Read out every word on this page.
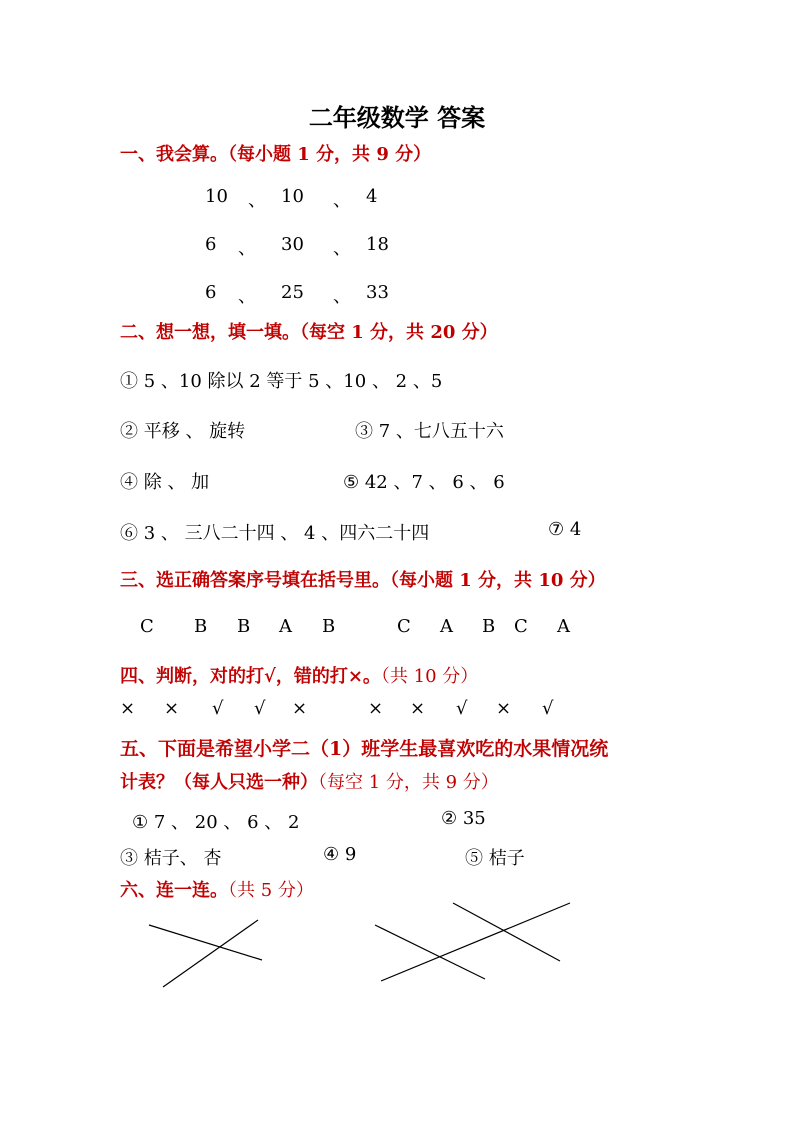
二年级数学 答案
一、我会算。（每小题 1 分，共 9 分）
10 、 10 、 4
6 、 30 、 18
6 、 25 、 33
二、想一想，填一填。（每空 1 分，共 20 分）
① 5 、10 除以 2 等于 5 、10 、 2 、5
② 平移 、 旋转	③ 7 、七八五十六
④ 除 、 加	⑤ 42 、7 、 6 、 6
⑥ 3 、 三八二十四 、 4 、四六二十四	⑦ 4
三、选正确答案序号填在括号里。（每小题 1 分，共 10 分）
C B B A B	C A B C A
四、判断，对的打√，错的打×。（共 10 分）
× × √ √ ×	× × √ × √
五、下面是希望小学二（1）班学生最喜欢吃的水果情况统
计表？（每人只选一种）（每空 1 分，共 9 分）
① 7 、 20 、 6 、 2	② 35
③ 桔子、 杏	④ 9	⑤ 桔子
六、连一连。（共 5 分）
